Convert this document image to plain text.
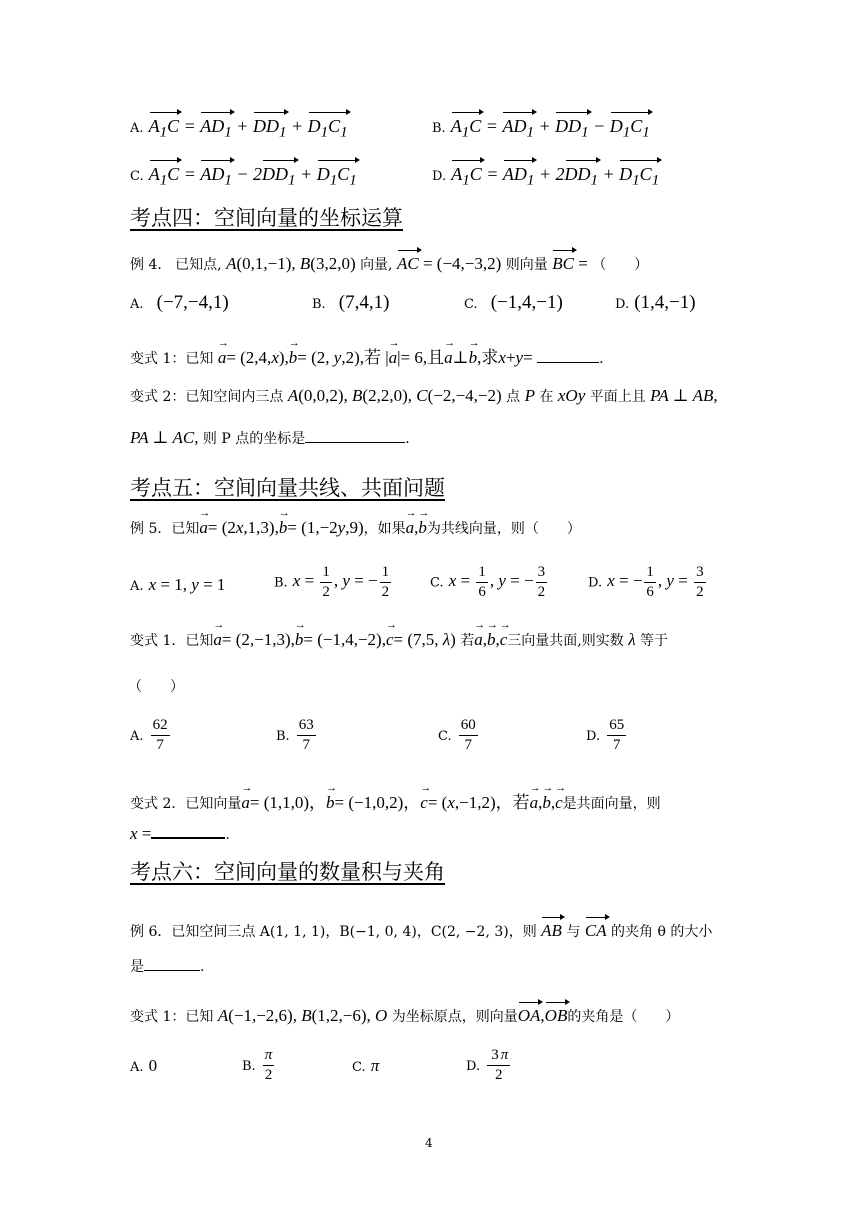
A. $A_1C = AD_1 + DD_1 + D_1C_1$	B. $A_1C = AD_1 + DD_1 - D_1C_1$
C. $A_1C = AD_1 - 2DD_1 + D_1C_1$	D. $A_1C = AD_1 + 2DD_1 + D_1C_1$
考点四：空间向量的坐标运算
例 4. 已知点, A(0,1,−1), B(3,2,0) 向量, AC = (−4,−3,2) 则向量 BC = （　　）
A. (−7,−4,1)	B. (7,4,1)	C. (−1,4,−1)	D. (1,4,−1)
变式 1：已知 → a= (2,4,x),→ b= (2, y,2),若 |→ a|= 6,且→ a⊥→ b,求x+y=	.
变式 2：已知空间内三点 A(0,0,2), B(2,2,0), C(−2,−4,−2) 点 P 在 xOy 平面上且 PA ⊥ AB,
PA ⊥ AC, 则 P 点的坐标是	.
考点五：空间向量共线、共面问题
例 5．已知→ a= (2x,1,3),→ b= (1,−2y,9)，如果→ a,→ b为共线向量，则（　　）
A. x = 1, y = 1	B. $x = \frac{1}{2}$ , y = − $\frac{1}{2}$	C. $x = \frac{1}{6}$ , y = − $\frac{3}{2}$	D. x = − $\frac{1}{6}$ , $y = \frac{3}{2}$
变式 1．已知→ a= (2,−1,3),→ b= (−1,4,−2),→ c= (7,5, λ) 若→ a,→ b,→ c三向量共面,则实数 λ 等于
（　　）
A. $\frac{62}{7}$	B. $\frac{63}{7}$	C. $\frac{60}{7}$	D. $\frac{65}{7}$
变式 2．已知向量→ a= (1,1,0)，→ b= (−1,0,2)，→ c= (x,−1,2)，若→ a,→ b,→ c是共面向量，则
x =	.
考点六：空间向量的数量积与夹角
例 6．已知空间三点 A(1, 1, 1)，B(−1, 0, 4)，C(2, −2, 3)，则 AB 与 CA 的夹角 θ 的大小
是	.
变式 1：已知 A(−1,−2,6), B(1,2,−6), O 为坐标原点，则向量OA,OB的夹角是（　　）
A. 0	B. $\frac{\pi}{2}$	C. π	D. $\frac{3 \pi}{2}$
4
